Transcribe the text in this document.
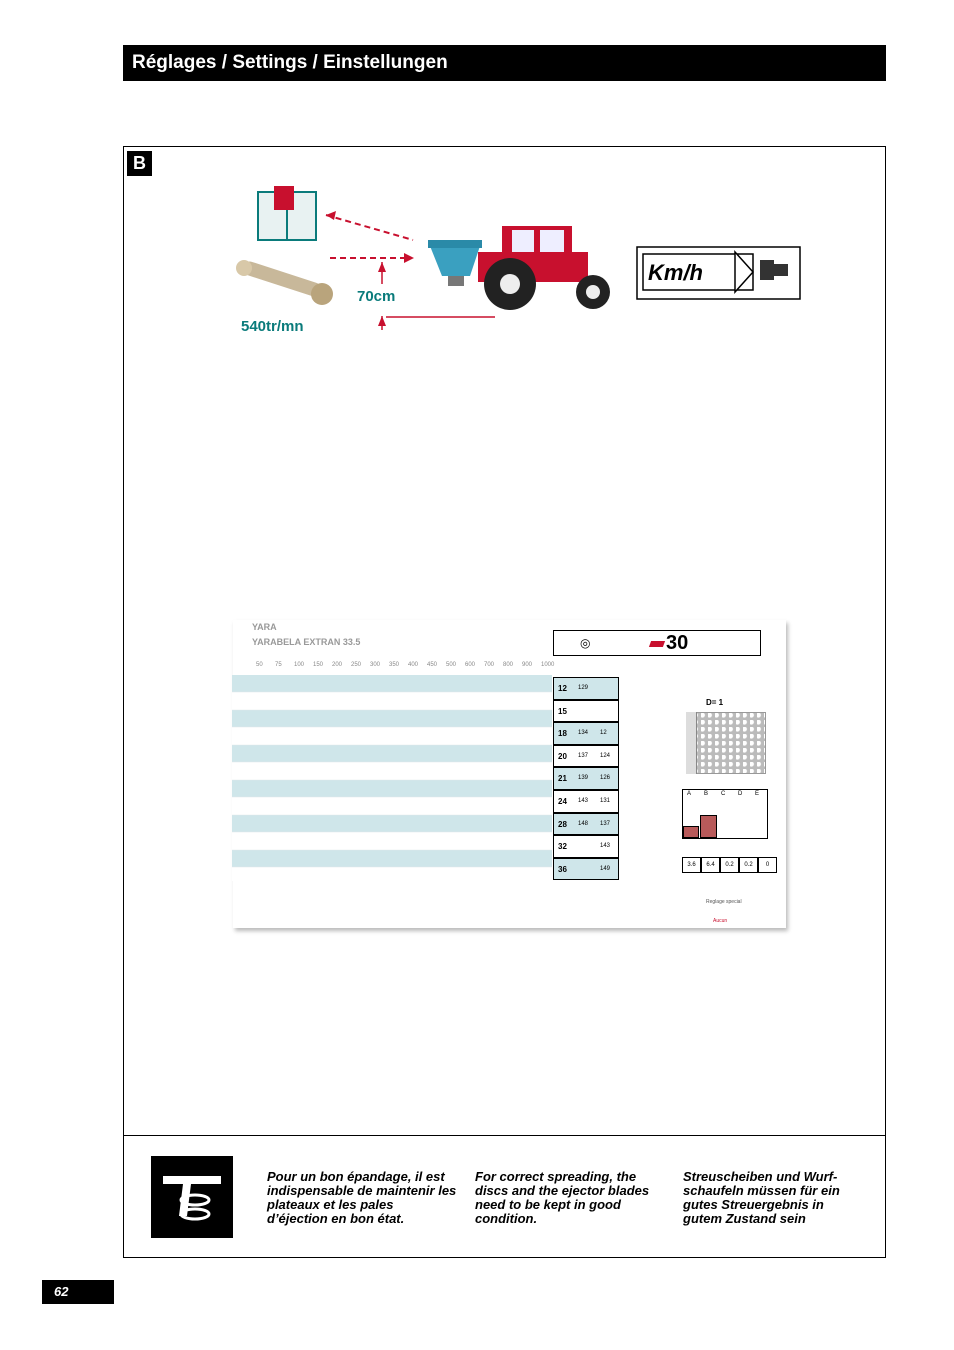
Réglages / Settings / Einstellungen
B
70cm
540tr/mn
Km/h
YARA
YARABELA EXTRAN 33.5
50 75 100 150 200 250 300 350 400 450 500 600 700 800 900 1000
◎	30
12 129
15
18 134 12
20 137 124
21 139 126
24 143 131
28 148 137
32	143
36	149
D= 1
A B C D E
3.6	6.4	0.2	0.2	0
Reglage special
Aucun
Pour un bon épandage, il est indispensable de maintenir les plateaux et les pales d’éjection en bon état.
For correct spreading, the discs and the ejector blades need to be kept in good condition.
Streuscheiben und Wurf-schaufeln müssen für ein gutes Streuergebnis in gutem Zustand sein
62
